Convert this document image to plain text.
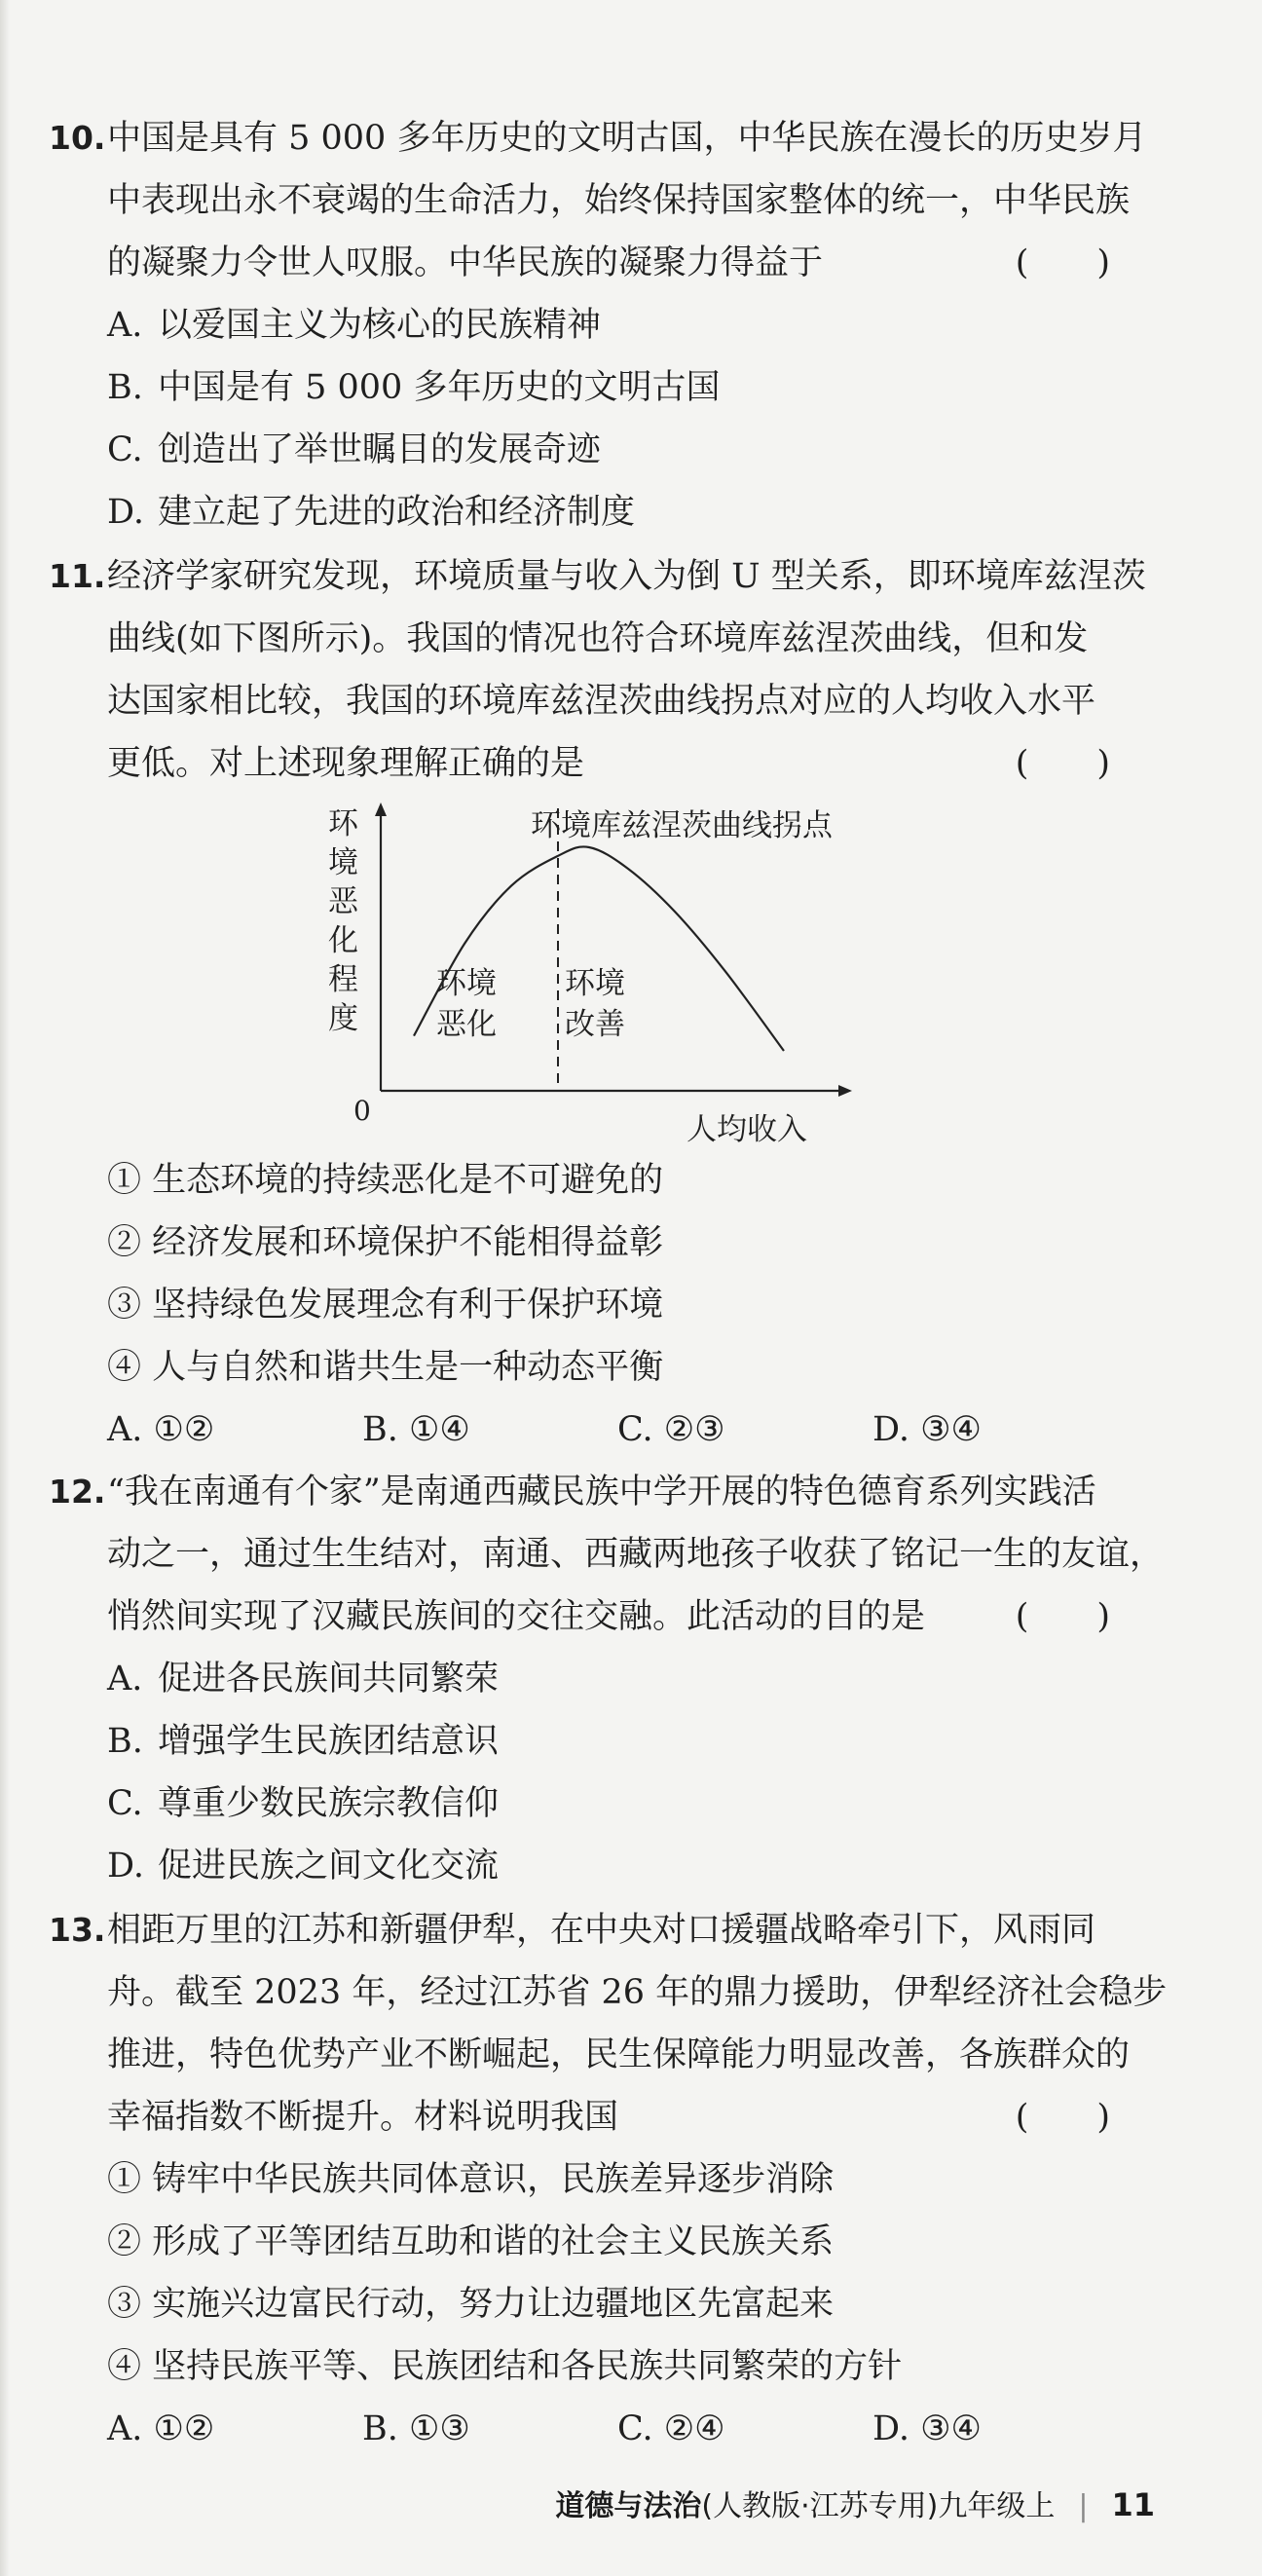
10. 中国是具有 5 000 多年历史的文明古国，中华民族在漫长的历史岁月
中表现出永不衰竭的生命活力，始终保持国家整体的统一，中华民族
的凝聚力令世人叹服。中华民族的凝聚力得益于	(　　)
A. 以爱国主义为核心的民族精神
B. 中国是有 5 000 多年历史的文明古国
C. 创造出了举世瞩目的发展奇迹
D. 建立起了先进的政治和经济制度
11. 经济学家研究发现，环境质量与收入为倒 U 型关系，即环境库兹涅茨
曲线(如下图所示)。我国的情况也符合环境库兹涅茨曲线，但和发
达国家相比较，我国的环境库兹涅茨曲线拐点对应的人均收入水平
更低。对上述现象理解正确的是	(　　)
环
境
恶
化
程
度
环境库兹涅茨曲线拐点
环境
恶化
环境
改善
0
人均收入
① 生态环境的持续恶化是不可避免的
② 经济发展和环境保护不能相得益彰
③ 坚持绿色发展理念有利于保护环境
④ 人与自然和谐共生是一种动态平衡
A. ①②	B. ①④	C. ②③	D. ③④
12. “我在南通有个家”是南通西藏民族中学开展的特色德育系列实践活
动之一，通过生生结对，南通、西藏两地孩子收获了铭记一生的友谊，
悄然间实现了汉藏民族间的交往交融。此活动的目的是	(　　)
A. 促进各民族间共同繁荣
B. 增强学生民族团结意识
C. 尊重少数民族宗教信仰
D. 促进民族之间文化交流
13. 相距万里的江苏和新疆伊犁，在中央对口援疆战略牵引下，风雨同
舟。截至 2023 年，经过江苏省 26 年的鼎力援助，伊犁经济社会稳步
推进，特色优势产业不断崛起，民生保障能力明显改善，各族群众的
幸福指数不断提升。材料说明我国	(　　)
① 铸牢中华民族共同体意识，民族差异逐步消除
② 形成了平等团结互助和谐的社会主义民族关系
③ 实施兴边富民行动，努力让边疆地区先富起来
④ 坚持民族平等、民族团结和各民族共同繁荣的方针
A. ①②	B. ①③	C. ②④	D. ③④
道德与法治(人教版·江苏专用)九年级上 | 11
